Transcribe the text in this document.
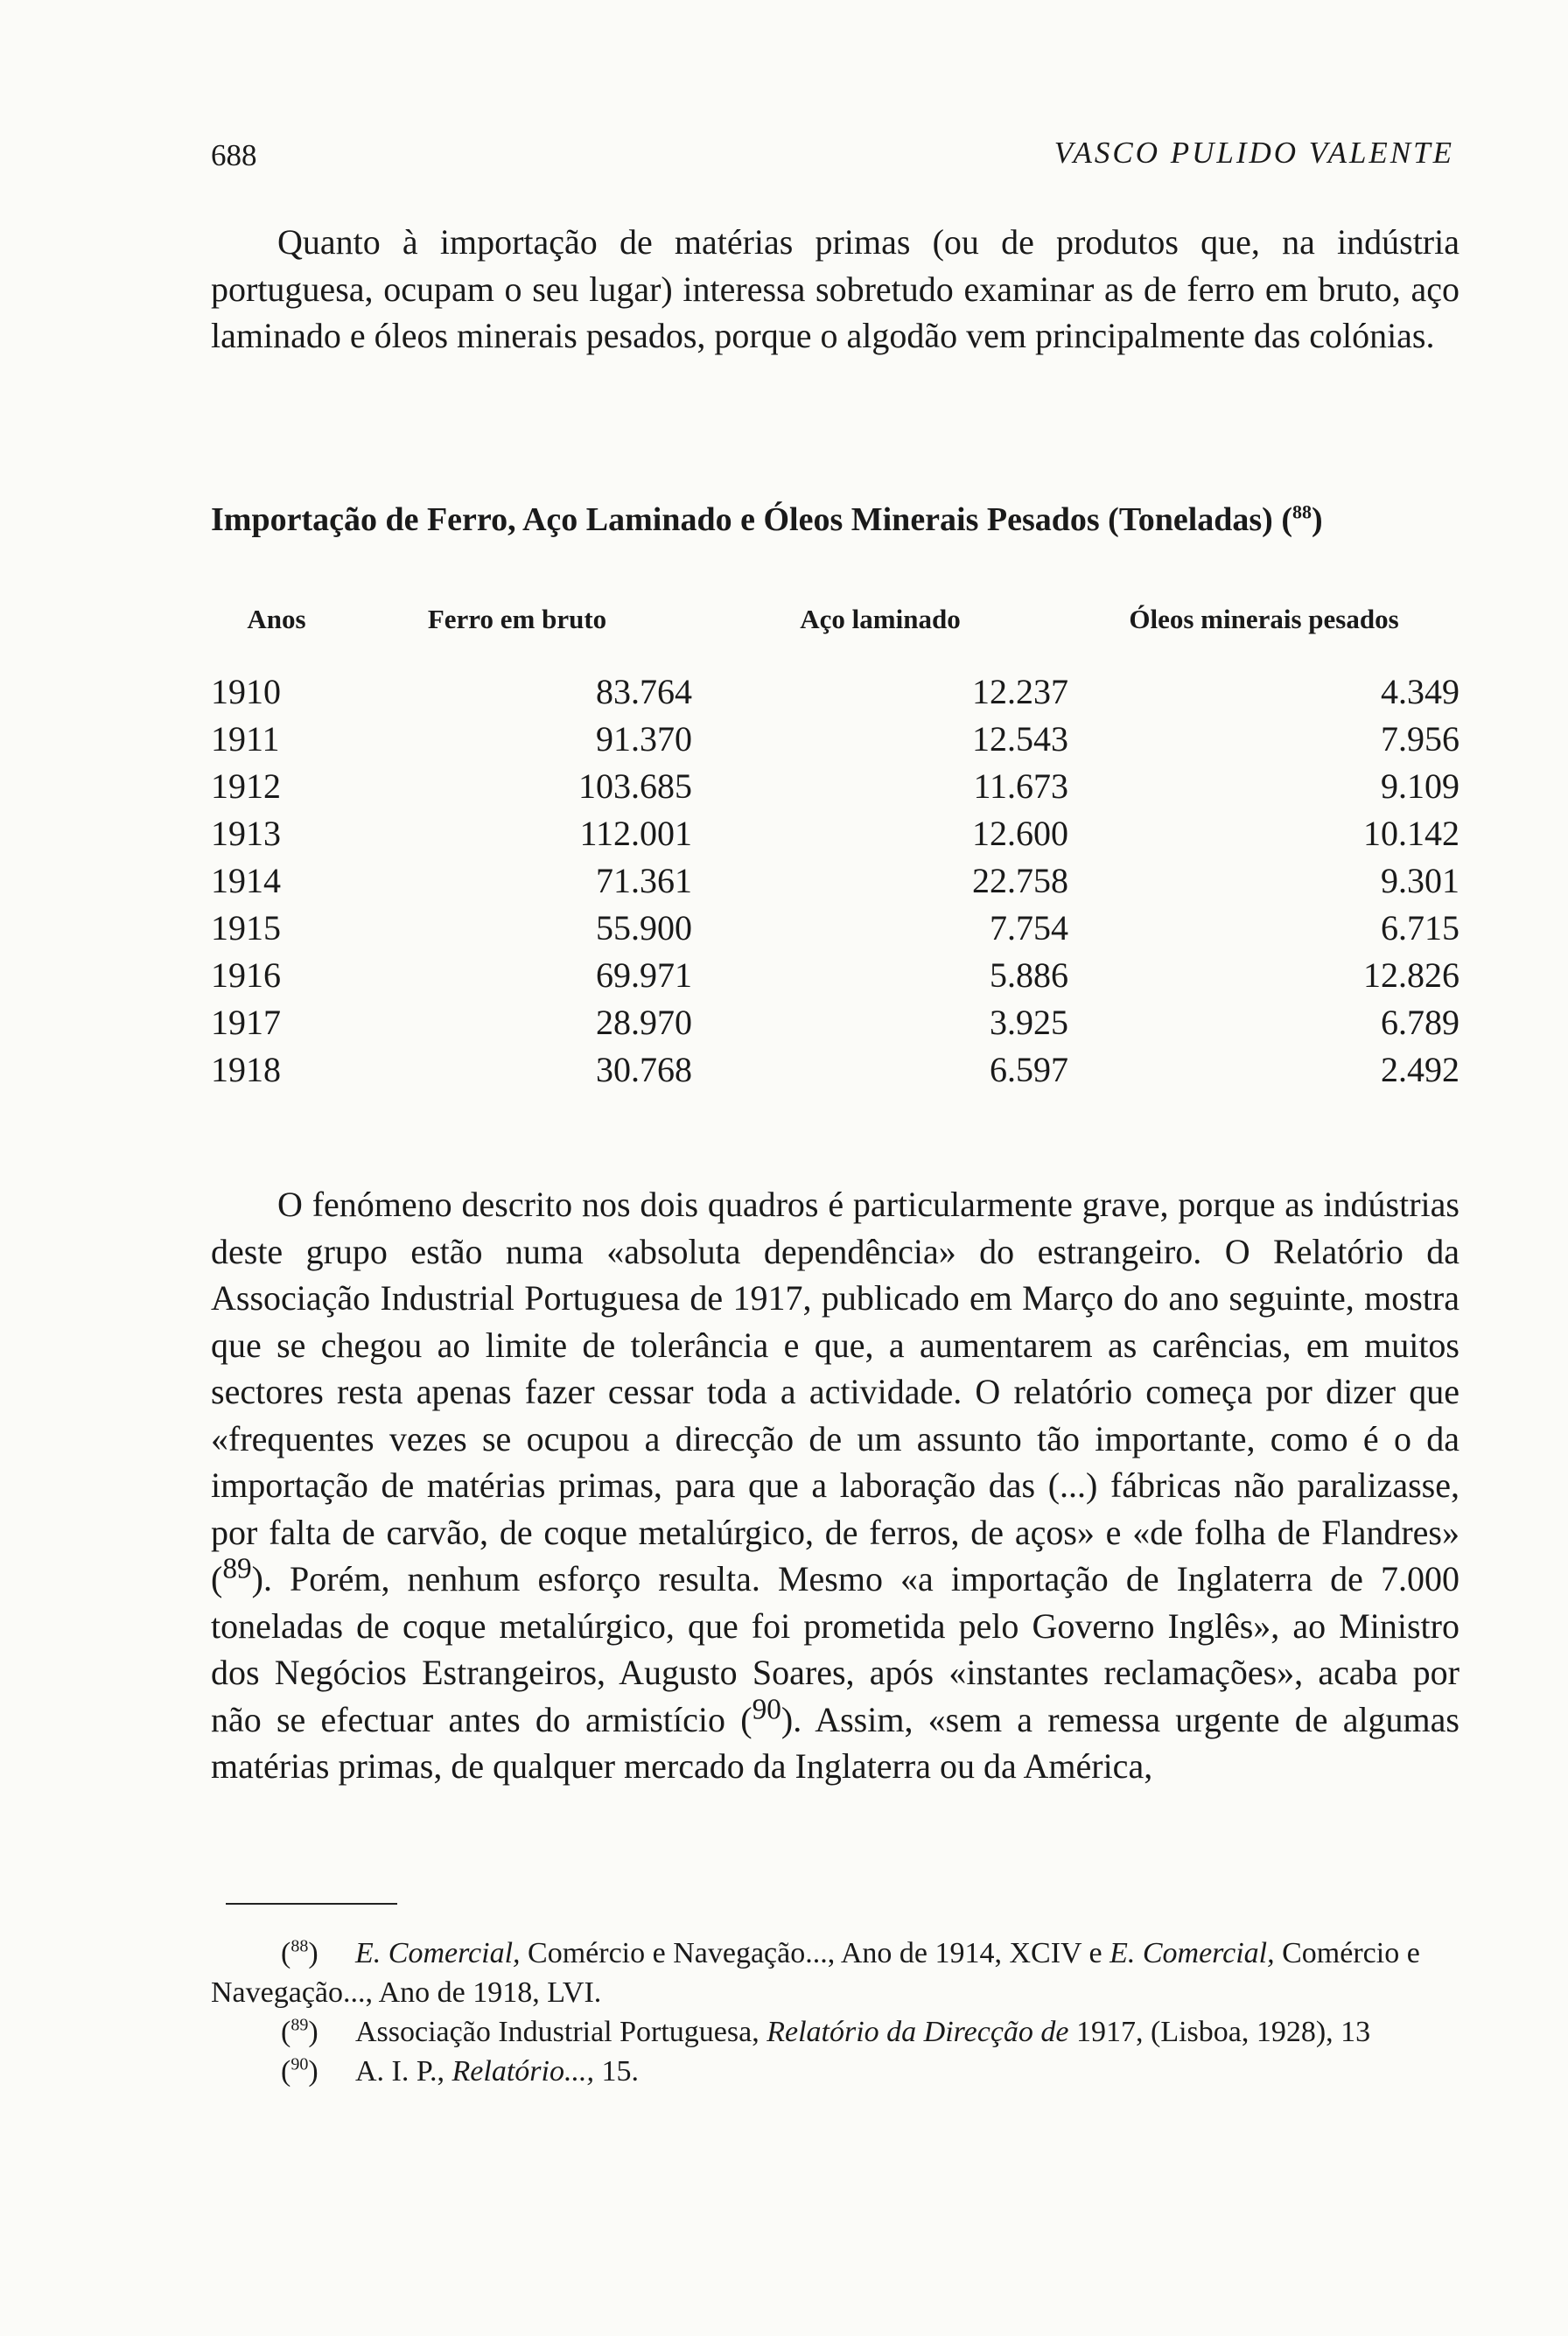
688	VASCO PULIDO VALENTE

Quanto à importação de matérias primas (ou de produtos que, na indústria portuguesa, ocupam o seu lugar) interessa sobretudo examinar as de ferro em bruto, aço laminado e óleos minerais pesados, porque o algodão vem principalmente das colónias.

Importação de Ferro, Aço Laminado e Óleos Minerais Pesados (Toneladas) ($^{88}$)
Anos	Ferro em bruto	Aço laminado	Óleos minerais pesados
1910	83.764	12.237	4.349
1911	91.370	12.543	7.956
1912	103.685	11.673	9.109
1913	112.001	12.600	10.142
1914	71.361	22.758	9.301
1915	55.900	7.754	6.715
1916	69.971	5.886	12.826
1917	28.970	3.925	6.789
1918	30.768	6.597	2.492

O fenómeno descrito nos dois quadros é particularmente grave, porque as indústrias deste grupo estão numa «absoluta dependência» do estrangeiro. O Relatório da Associação Industrial Portuguesa de 1917, publicado em Março do ano seguinte, mostra que se chegou ao limite de tolerância e que, a aumentarem as carências, em muitos sectores resta apenas fazer cessar toda a actividade. O relatório começa por dizer que «frequentes vezes se ocupou a direcção de um assunto tão importante, como é o da importação de matérias primas, para que a laboração das (...) fábricas não paralizasse, por falta de carvão, de coque metalúrgico, de ferros, de aços» e «de folha de Flandres» ($^{89}$). Porém, nenhum esforço resulta. Mesmo «a importação de Inglaterra de 7.000 toneladas de coque metalúrgico, que foi prometida pelo Governo Inglês», ao Ministro dos Negócios Estrangeiros, Augusto Soares, após «instantes reclamações», acaba por não se efectuar antes do armistício ($^{90}$). Assim, «sem a remessa urgente de algumas matérias primas, de qualquer mercado da Inglaterra ou da América,

($^{88}$) E. Comercial, Comércio e Navegação..., Ano de 1914, XCIV e E. Comercial, Comércio e Navegação..., Ano de 1918, LVI.

($^{89}$) Associação Industrial Portuguesa, Relatório da Direcção de 1917, (Lisboa, 1928), 13

($^{90}$) A. I. P., Relatório..., 15.
